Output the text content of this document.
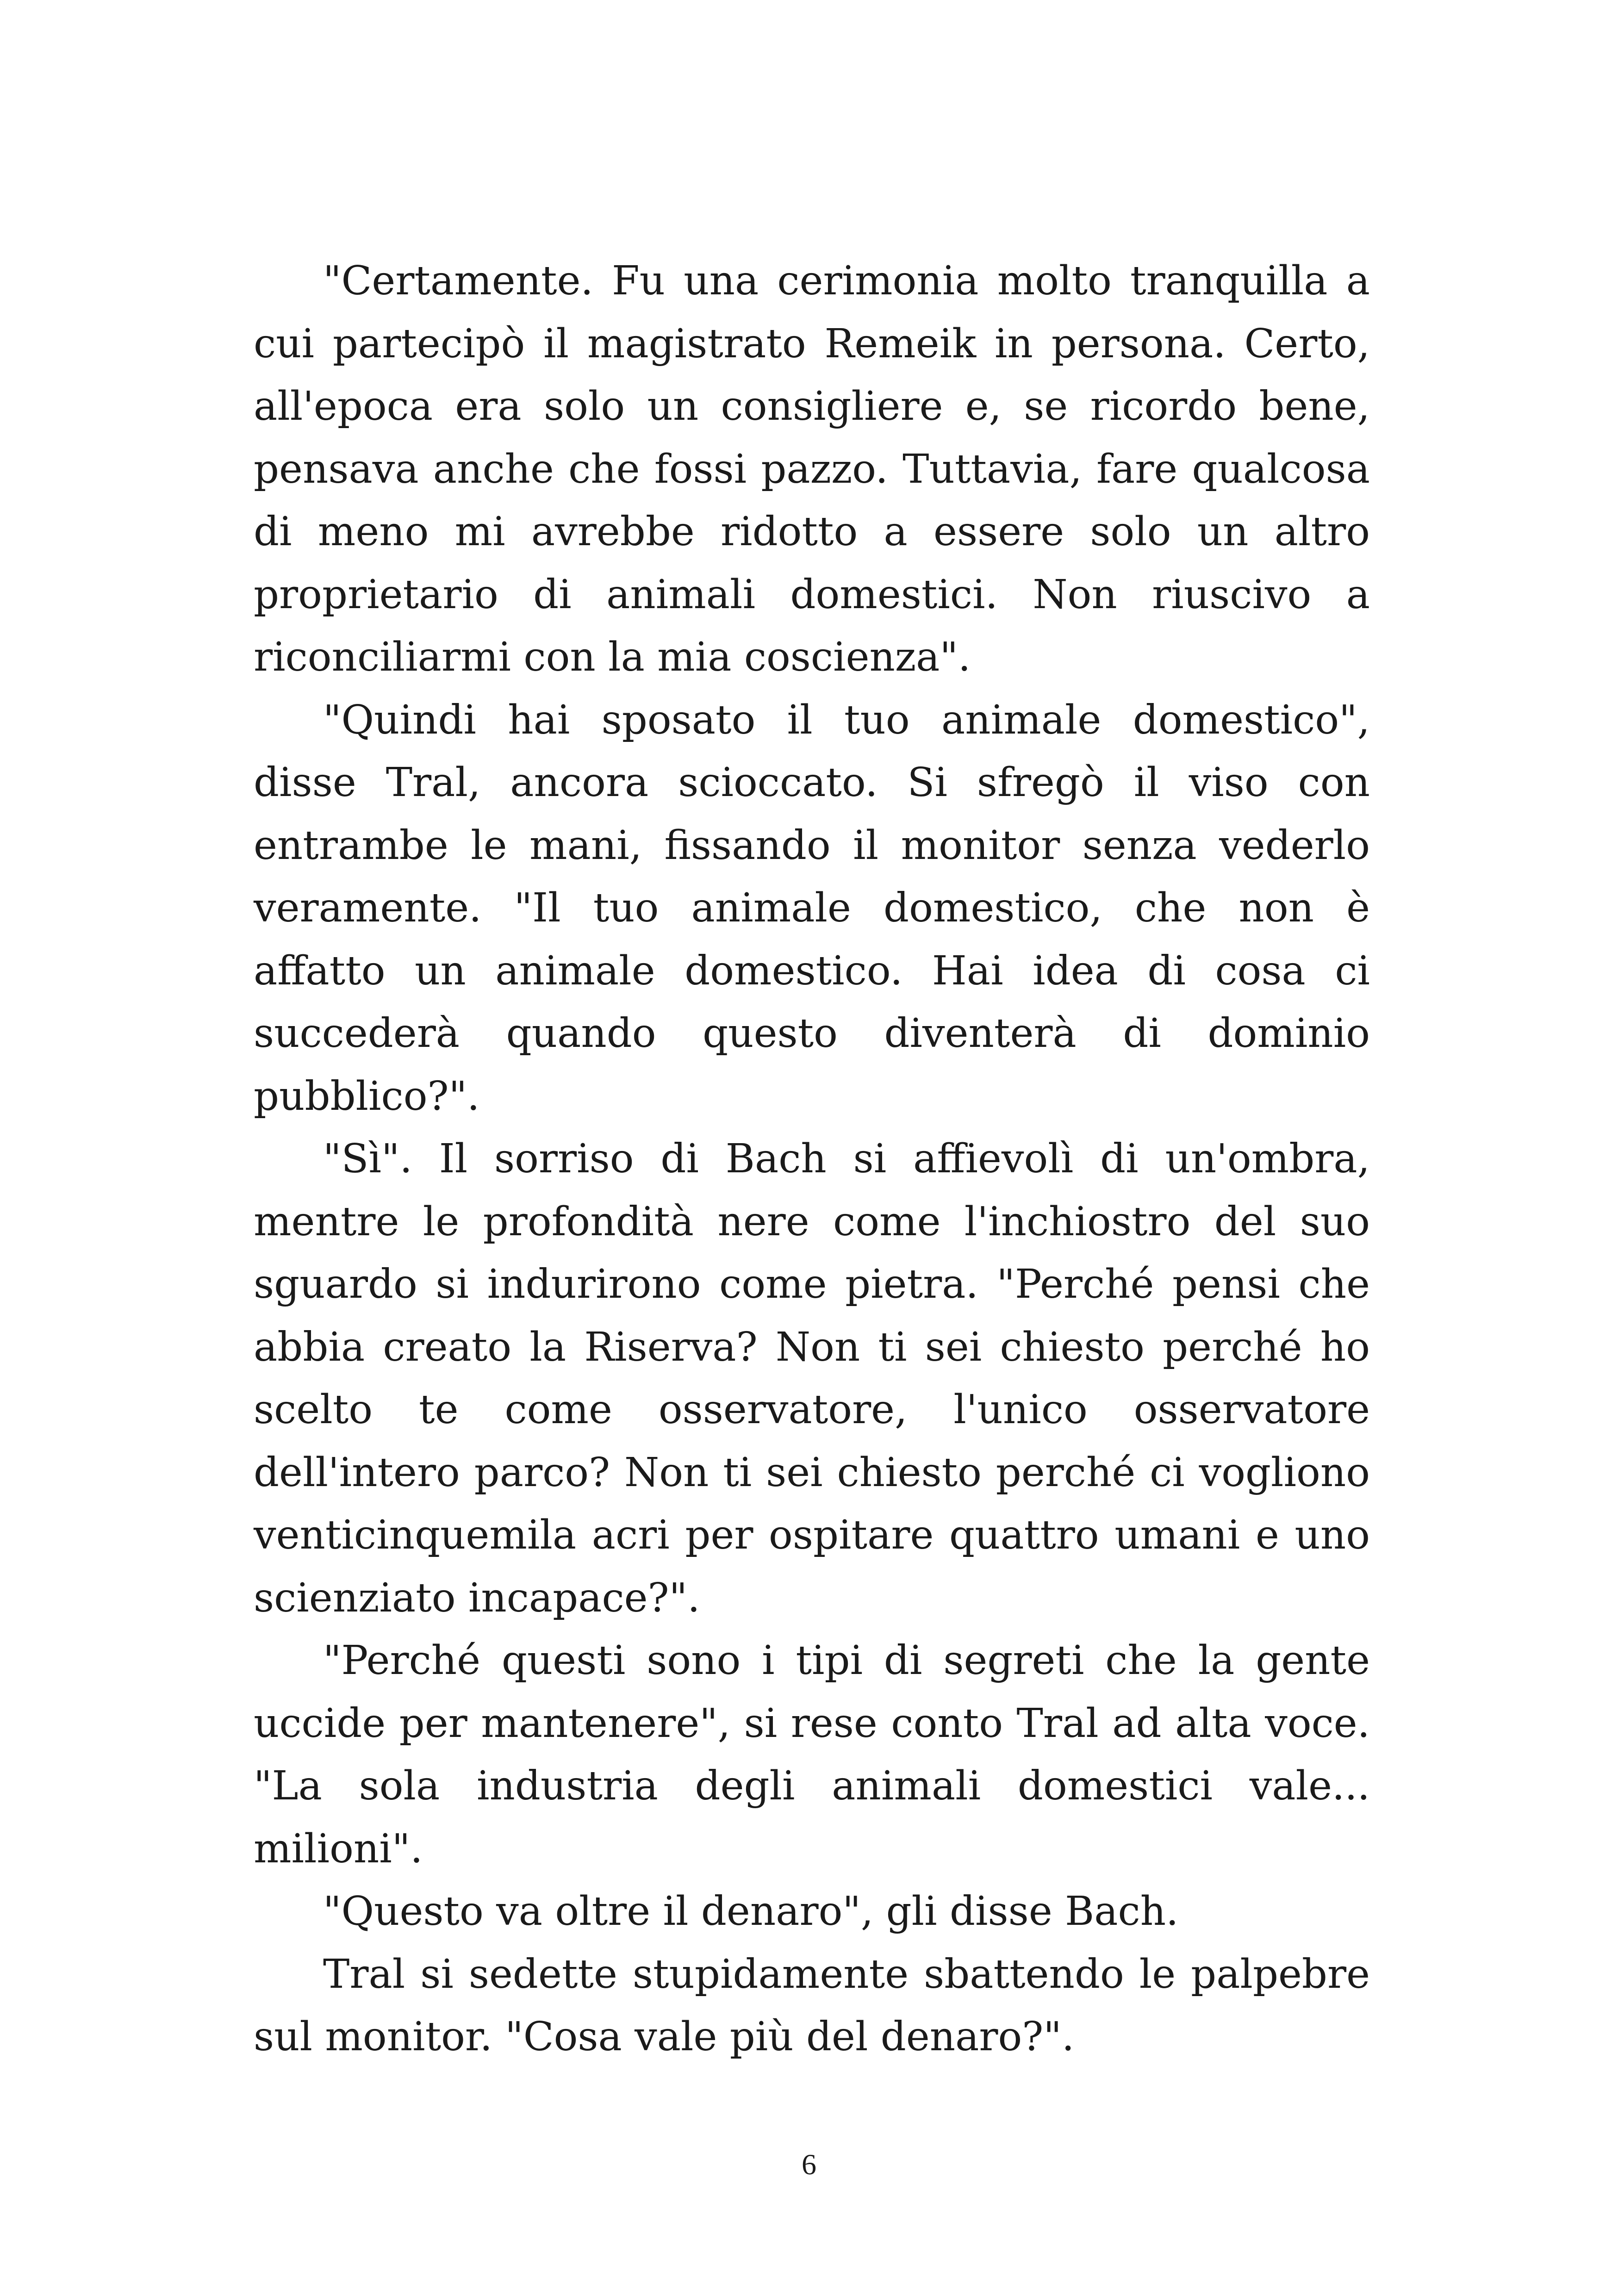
"Certamente. Fu una cerimonia molto tranquilla a cui partecipò il magistrato Remeik in persona. Certo, all'epoca era solo un consigliere e, se ricordo bene, pensava anche che fossi pazzo. Tuttavia, fare qualcosa di meno mi avrebbe ridotto a essere solo un altro proprietario di animali domestici. Non riuscivo a riconciliarmi con la mia coscienza".

"Quindi hai sposato il tuo animale domestico", disse Tral, ancora scioccato. Si sfregò il viso con entrambe le mani, fissando il monitor senza vederlo veramente. "Il tuo animale domestico, che non è affatto un animale domestico. Hai idea di cosa ci succederà quando questo diventerà di dominio pubblico?".

"Sì". Il sorriso di Bach si affievolì di un'ombra, mentre le profondità nere come l'inchiostro del suo sguardo si indurirono come pietra. "Perché pensi che abbia creato la Riserva? Non ti sei chiesto perché ho scelto te come osservatore, l'unico osservatore dell'intero parco? Non ti sei chiesto perché ci vogliono venticinquemila acri per ospitare quattro umani e uno scienziato incapace?".

"Perché questi sono i tipi di segreti che la gente uccide per mantenere", si rese conto Tral ad alta voce. "La sola industria degli animali domestici vale... milioni".

"Questo va oltre il denaro", gli disse Bach.

Tral si sedette stupidamente sbattendo le palpebre sul monitor. "Cosa vale più del denaro?".

6
